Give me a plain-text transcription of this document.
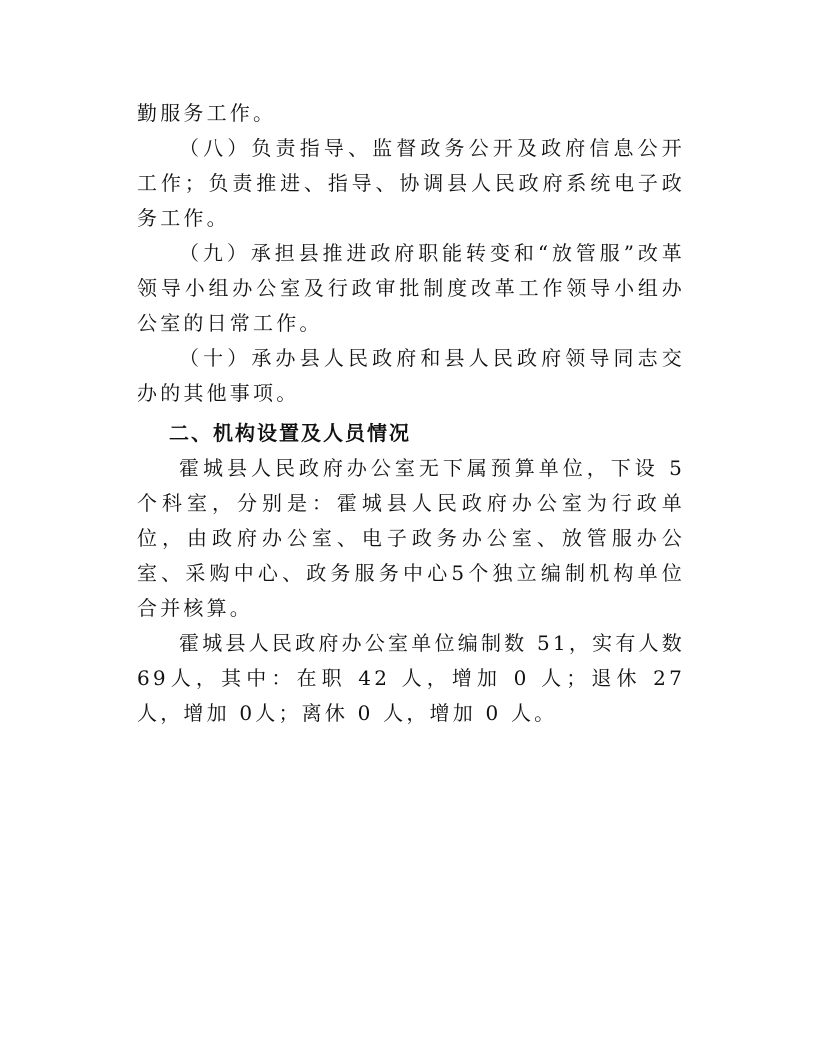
勤服务工作。

（八）负责指导、监督政务公开及政府信息公开工作；负责推进、指导、协调县人民政府系统电子政务工作。

（九）承担县推进政府职能转变和“放管服”改革领导小组办公室及行政审批制度改革工作领导小组办公室的日常工作。

（十）承办县人民政府和县人民政府领导同志交办的其他事项。

二、机构设置及人员情况

霍城县人民政府办公室无下属预算单位，下设 5 个科室，分别是：霍城县人民政府办公室为行政单位，由政府办公室、电子政务办公室、放管服办公室、采购中心、政务服务中心5个独立编制机构单位合并核算。

霍城县人民政府办公室单位编制数 51，实有人数 69人，其中：在职 42 人，增加 0 人；退休 27 人，增加 0人；离休 0 人，增加 0 人。
